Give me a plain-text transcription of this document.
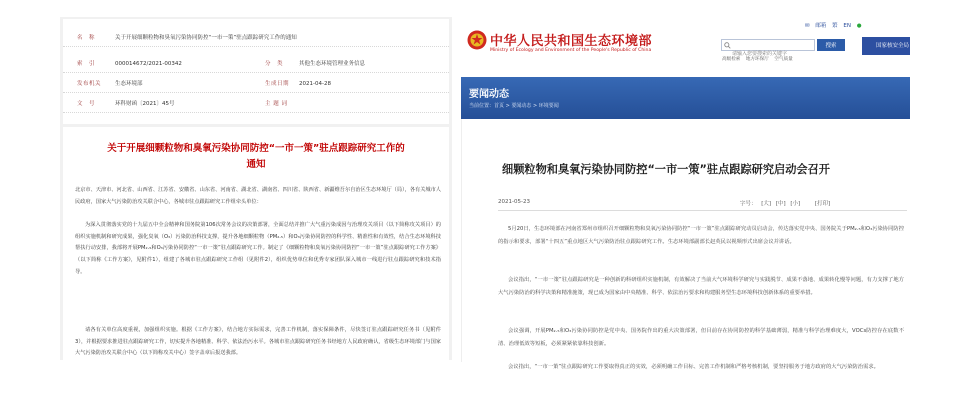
名　称	关于开展细颗粒物和臭氧污染协同防控“一市一策”驻点跟踪研究工作的通知
索　引	000014672/2021-00342	分　类	其他生态环境管理业务信息
发布机关	生态环境部	生成日期 2021-04-28
文　号	环科财函〔2021〕45号	主 题 词
关于开展细颗粒物和臭氧污染协同防控“一市一策”驻点跟踪研究工作的通知
北京市、天津市、河北省、山西省、江苏省、安徽省、山东省、河南省、湖北省、湖南省、四川省、陕西省、新疆维吾尔自治区生态环境厅（局），各有关城市人民政府，国家大气污染防治攻关联合中心，各城市驻点跟踪研究工作组牵头单位：
为深入贯彻落实党的十九届五中全会精神和国务院第106次常务会议的决策部署，全面总结并推广大气重污染成因与治理攻关项目（以下简称攻关项目）的组织实施机制和研究成果，强化臭氧（O₃）污染防治科技支撑，提升各地细颗粒物（PM₂.₅）和O₃污染协同防控的科学性、精准性和有效性，结合生态环境科技帮扶行动安排，我部将开展PM₂.₅和O₃污染协同防控“一市一策”驻点跟踪研究工作。制定了《细颗粒物和臭氧污染协同防控“一市一策”驻点跟踪研究工作方案》（以下简称《工作方案》，见附件1），组建了各城市驻点跟踪研究工作组（见附件2），组织优势单位和优秀专家团队深入城市一线进行驻点跟踪研究和技术指导。
请各有关单位高度重视，加强组织实施。根据《工作方案》，结合地方实际需求，完善工作机制，落实保障条件，尽快签订驻点跟踪研究任务书（见附件3），并根据要求推进驻点跟踪研究工作，切实提升各地精准、科学、依法治污水平。各城市驻点跟踪研究任务书经地方人民政府确认，省级生态环境部门与国家大气污染防治攻关联合中心（以下简称攻关中心）签字盖章后报送我部。
✉ 邮箱 繁 EN ●
中华人民共和国生态环境部
Ministry of Ecology and Environment of the People's Republic of China
请输入您要搜索的关键字
搜索	国家核安全局
高级检索 地方环保厅 空气质量
要闻动态
当前位置：首页 > 要闻动态 > 环境要闻
细颗粒物和臭氧污染协同防控“一市一策”驻点跟踪研究启动会召开
2021-05-23	字号： [大] [中] [小]	[打印]
5月20日，生态环境部在河南省郑州市组织召开细颗粒物和臭氧污染协同防控“一市一策”驻点跟踪研究动员启动会，传达落实党中央、国务院关于PM₂.₅和O₃污染协同防控的指示和要求，部署“十四五”重点地区大气污染防治驻点跟踪研究工作。生态环境部副部长赵英民以视频形式出席会议并讲话。
会议指出，“一市一策”驻点跟踪研究是一种创新的科研组织实施机制，有效解决了当前大气环境科学研究与实践脱节、成果不落地、成果转化慢等问题，有力支撑了地方大气污染防治的科学决策和精准施策，现已成为国家由中央精准、科学、依法治污要求和构建服务型生态环境科技创新体系的重要举措。
会议强调，开展PM₂.₅和O₃污染协同防控是党中央、国务院作出的重大决策部署，但目前存在协同防控的科学基础薄弱，精准与科学治理难度大，VOCs防控存在底数不清、治理低效等短板，必须紧紧依靠科技创新。
会议指出，“一市一策”驻点跟踪研究工作要取得真正的实效，必须明确工作目标、完善工作机制和严格考核机制，要坚持服务于地方政府的大气污染防治需求。
